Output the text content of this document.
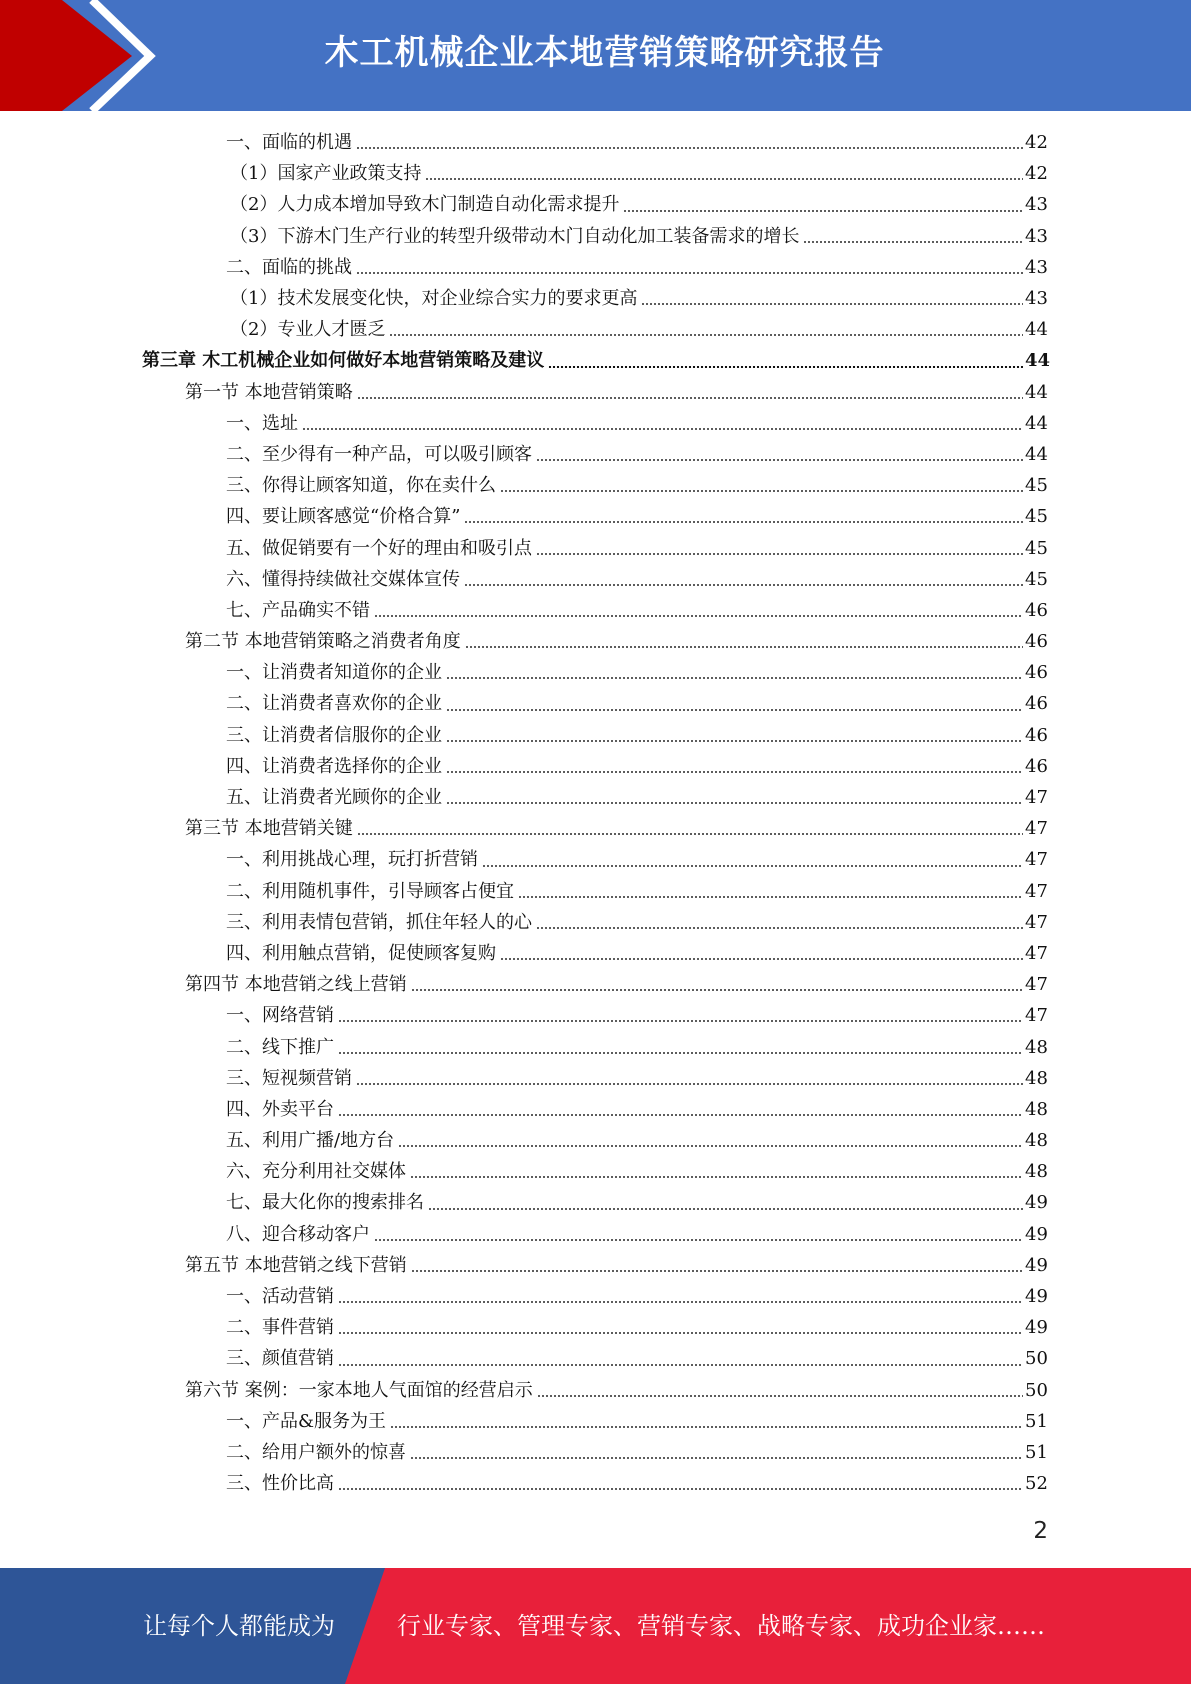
木工机械企业本地营销策略研究报告
一、面临的机遇	42
（1）国家产业政策支持	42
（2）人力成本增加导致木门制造自动化需求提升	43
（3）下游木门生产行业的转型升级带动木门自动化加工装备需求的增长	43
二、面临的挑战	43
（1）技术发展变化快，对企业综合实力的要求更高	43
（2）专业人才匮乏	44
第三章 木工机械企业如何做好本地营销策略及建议	44
第一节 本地营销策略	44
一、选址	44
二、至少得有一种产品，可以吸引顾客	44
三、你得让顾客知道，你在卖什么	45
四、要让顾客感觉“价格合算”	45
五、做促销要有一个好的理由和吸引点	45
六、懂得持续做社交媒体宣传	45
七、产品确实不错	46
第二节 本地营销策略之消费者角度	46
一、让消费者知道你的企业	46
二、让消费者喜欢你的企业	46
三、让消费者信服你的企业	46
四、让消费者选择你的企业	46
五、让消费者光顾你的企业	47
第三节 本地营销关键	47
一、利用挑战心理，玩打折营销	47
二、利用随机事件，引导顾客占便宜	47
三、利用表情包营销，抓住年轻人的心	47
四、利用触点营销，促使顾客复购	47
第四节 本地营销之线上营销	47
一、网络营销	47
二、线下推广	48
三、短视频营销	48
四、外卖平台	48
五、利用广播/地方台	48
六、充分利用社交媒体	48
七、最大化你的搜索排名	49
八、迎合移动客户	49
第五节 本地营销之线下营销	49
一、活动营销	49
二、事件营销	49
三、颜值营销	50
第六节 案例：一家本地人气面馆的经营启示	50
一、产品&服务为王	51
二、给用户额外的惊喜	51
三、性价比高	52
2
让每个人都能成为	行业专家、管理专家、营销专家、战略专家、成功企业家……
